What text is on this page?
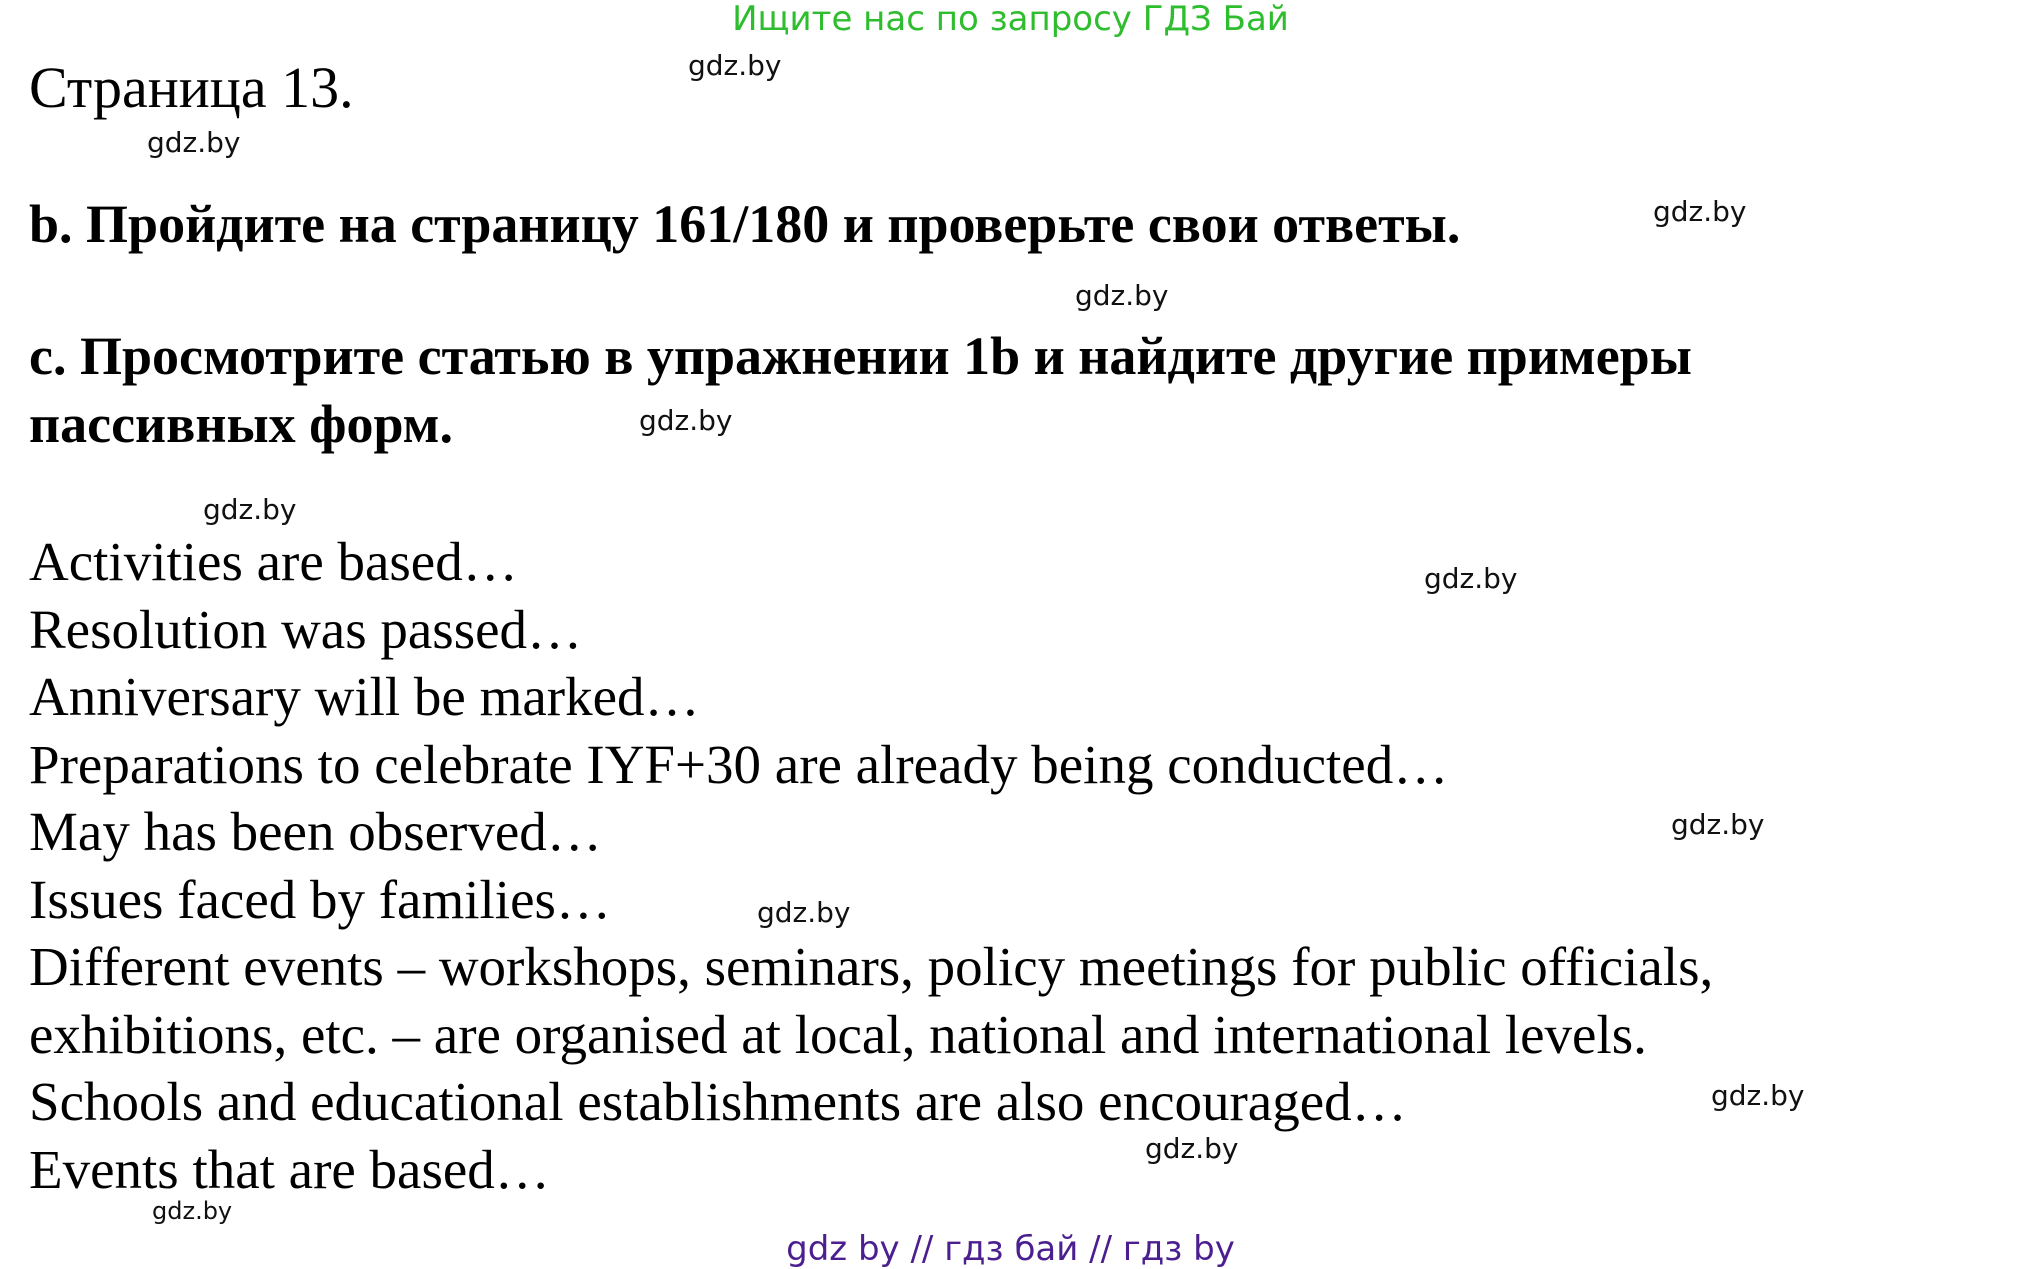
Ищите нас по запросу ГДЗ Бай
Страница 13.
b. Пройдите на страницу 161/180 и проверьте свои ответы.
c. Просмотрите статью в упражнении 1b и найдите другие примеры
пассивных форм.
Activities are based…
Resolution was passed…
Anniversary will be marked…
Preparations to celebrate IYF+30 are already being conducted…
May has been observed…
Issues faced by families…
Different events – workshops, seminars, policy meetings for public officials,
exhibitions, etc. – are organised at local, national and international levels.
Schools and educational establishments are also encouraged…
Events that are based…
gdz.by
gdz.by
gdz.by
gdz.by
gdz.by
gdz.by
gdz.by
gdz.by
gdz.by
gdz.by
gdz.by
gdz.by
gdz by // гдз бай // гдз by
